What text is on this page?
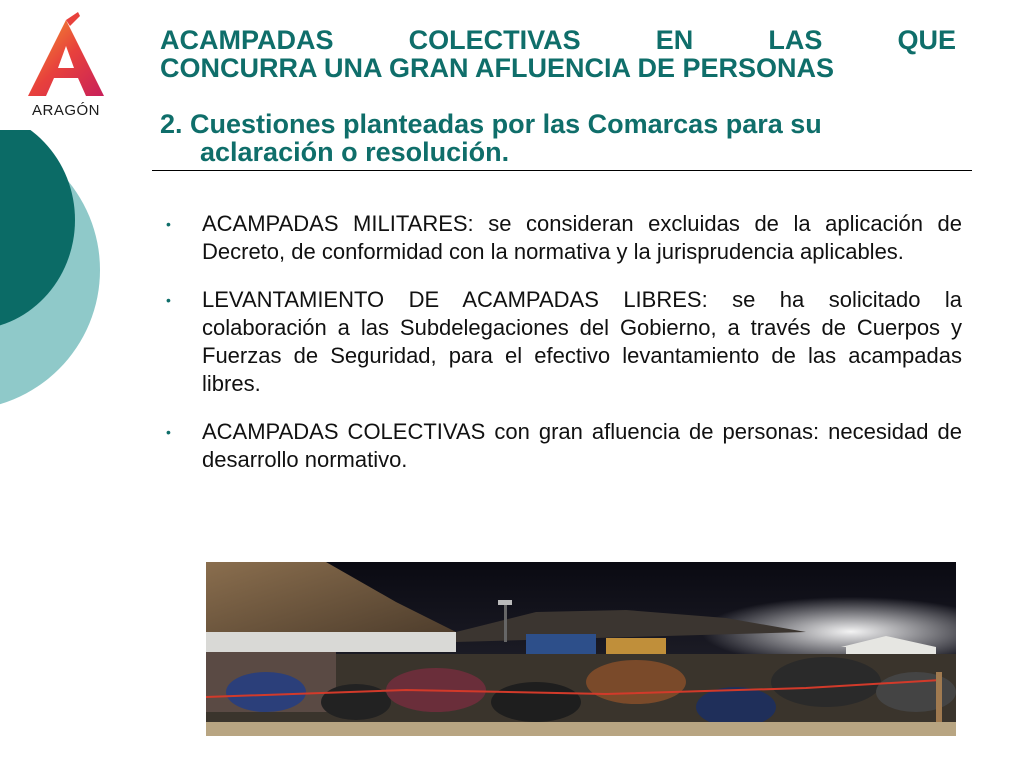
ARAGÓN
ACAMPADAS COLECTIVAS EN LAS QUE
CONCURRA UNA GRAN AFLUENCIA DE PERSONAS
2. Cuestiones planteadas por las Comarcas para su
aclaración o resolución.
• ACAMPADAS MILITARES: se consideran excluidas de la aplicación de Decreto, de conformidad con la normativa y la jurisprudencia aplicables.
• LEVANTAMIENTO DE ACAMPADAS LIBRES: se ha solicitado la colaboración a las Subdelegaciones del Gobierno, a través de Cuerpos y Fuerzas de Seguridad, para el efectivo levantamiento de las acampadas libres.
• ACAMPADAS COLECTIVAS con gran afluencia de personas: necesidad de desarrollo normativo.
